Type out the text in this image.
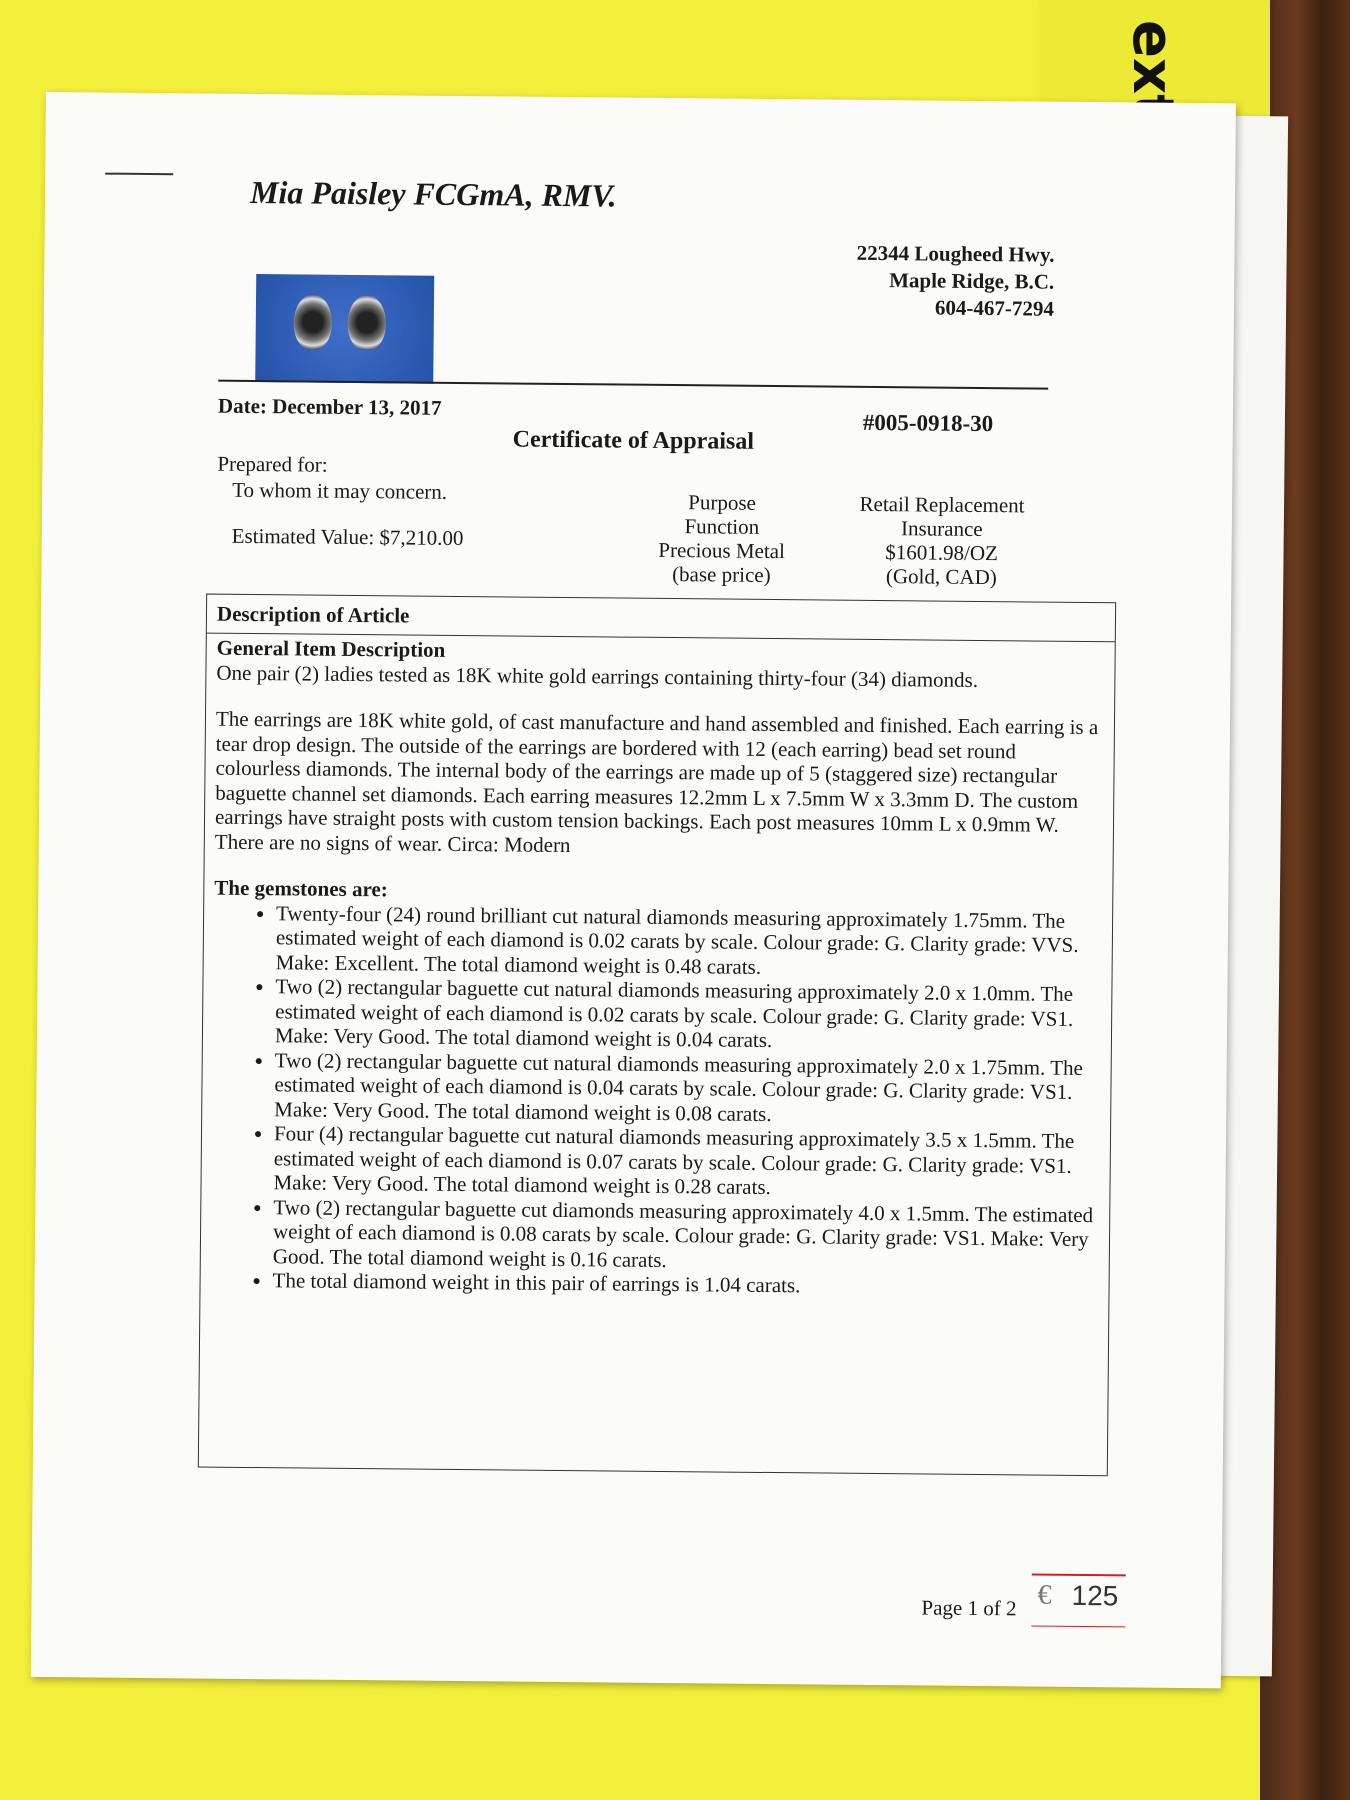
Mia Paisley FCGmA, RMV.
22344 Lougheed Hwy.
Maple Ridge, B.C.
604-467-7294
Date: December 13, 2017
#005-0918-30
Certificate of Appraisal
Prepared for:
To whom it may concern.
Estimated Value: $7,210.00
Purpose
Function
Precious Metal
(base price)
Retail Replacement
Insurance
$1601.98/OZ
(Gold, CAD)
Description of Article
General Item Description

One pair (2) ladies tested as 18K white gold earrings containing thirty-four (34) diamonds.

The earrings are 18K white gold, of cast manufacture and hand assembled and finished. Each earring is a tear drop design. The outside of the earrings are bordered with 12 (each earring) bead set round colourless diamonds. The internal body of the earrings are made up of 5 (staggered size) rectangular baguette channel set diamonds. Each earring measures 12.2mm L x 7.5mm W x 3.3mm D. The custom earrings have straight posts with custom tension backings. Each post measures 10mm L x 0.9mm W. There are no signs of wear. Circa: Modern

The gemstones are:
• Twenty-four (24) round brilliant cut natural diamonds measuring approximately 1.75mm. The estimated weight of each diamond is 0.02 carats by scale. Colour grade: G. Clarity grade: VVS. Make: Excellent. The total diamond weight is 0.48 carats.
• Two (2) rectangular baguette cut natural diamonds measuring approximately 2.0 x 1.0mm. The estimated weight of each diamond is 0.02 carats by scale. Colour grade: G. Clarity grade: VS1. Make: Very Good. The total diamond weight is 0.04 carats.
• Two (2) rectangular baguette cut natural diamonds measuring approximately 2.0 x 1.75mm. The estimated weight of each diamond is 0.04 carats by scale. Colour grade: G. Clarity grade: VS1. Make: Very Good. The total diamond weight is 0.08 carats.
• Four (4) rectangular baguette cut natural diamonds measuring approximately 3.5 x 1.5mm. The estimated weight of each diamond is 0.07 carats by scale. Colour grade: G. Clarity grade: VS1. Make: Very Good. The total diamond weight is 0.28 carats.
• Two (2) rectangular baguette cut diamonds measuring approximately 4.0 x 1.5mm. The estimated weight of each diamond is 0.08 carats by scale. Colour grade: G. Clarity grade: VS1. Make: Very Good. The total diamond weight is 0.16 carats.
• The total diamond weight in this pair of earrings is 1.04 carats.
Page 1 of 2 € 125
